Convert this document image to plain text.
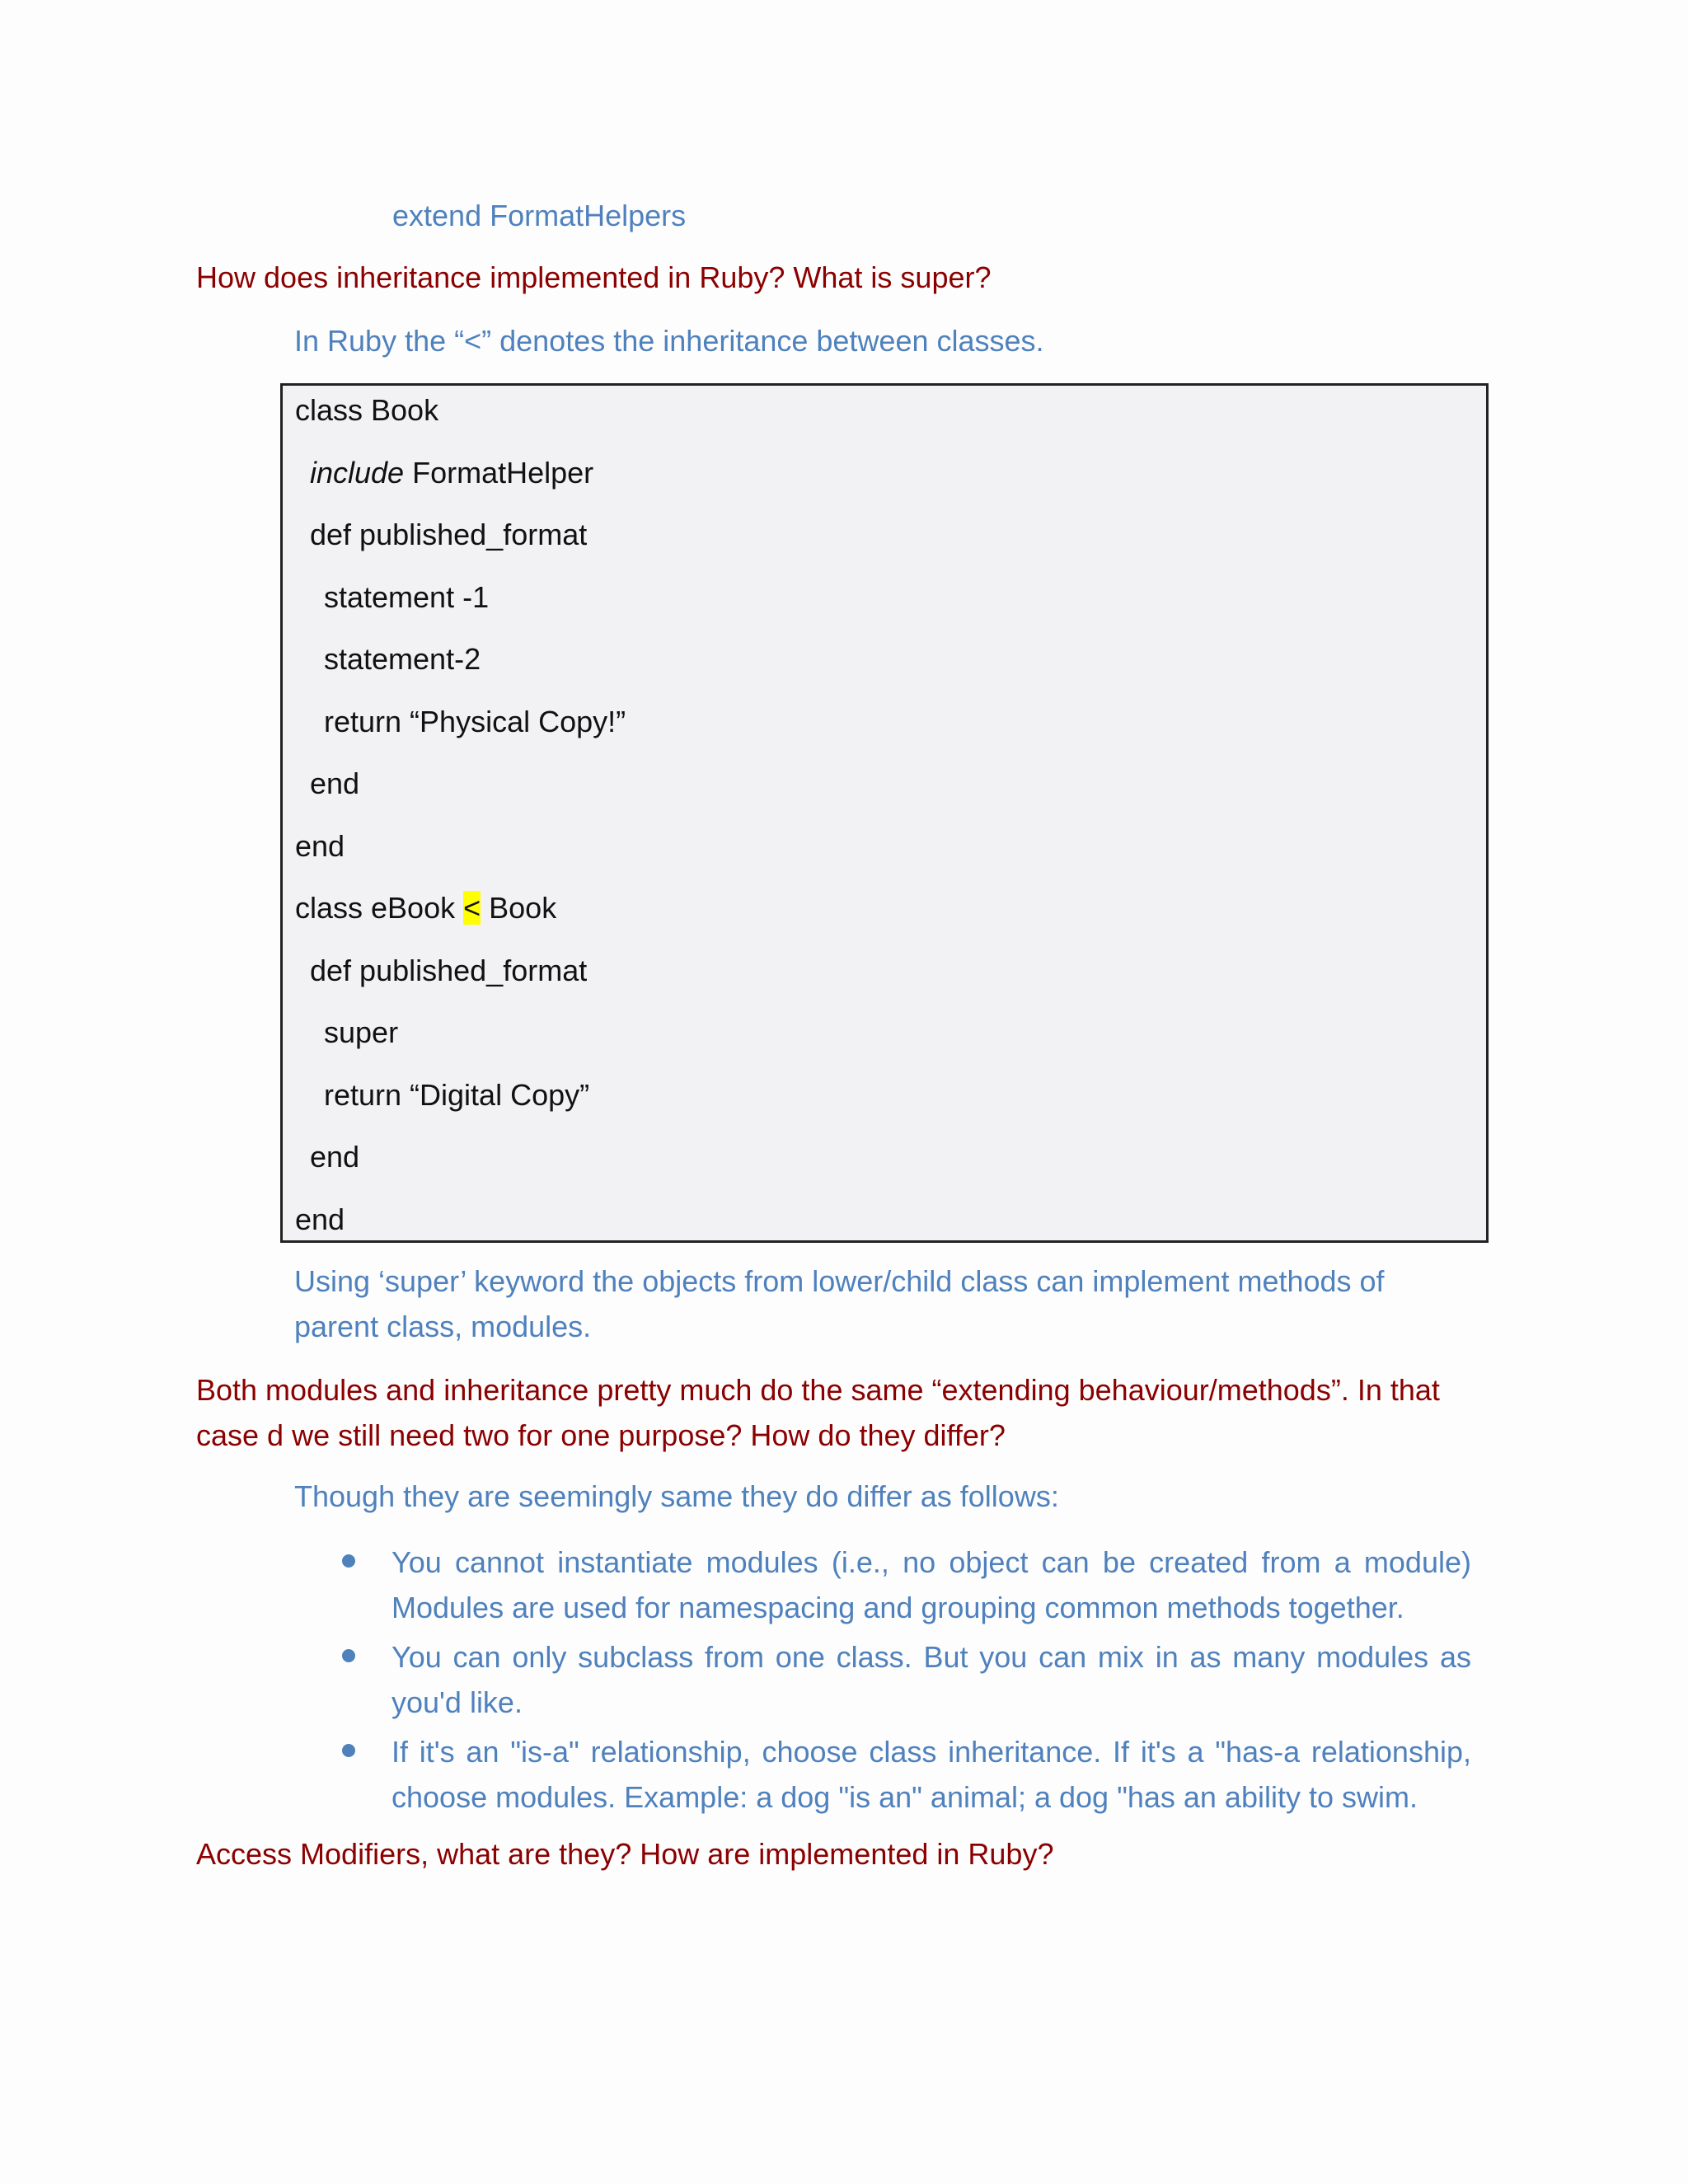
extend FormatHelpers
How does inheritance implemented in Ruby? What is super?
In Ruby the “<” denotes the inheritance between classes.
class Book
include FormatHelper
def published_format
statement -1
statement-2
return “Physical Copy!”
end
end
class eBook < Book
def published_format
super
return “Digital Copy”
end
end
Using ‘super’ keyword the objects from lower/child class can implement methods of parent class, modules.
Both modules and inheritance pretty much do the same “extending behaviour/methods”. In that case d we still need two for one purpose? How do they differ?
Though they are seemingly same they do differ as follows:
You cannot instantiate modules (i.e., no object can be created from a module) Modules are used for namespacing and grouping common methods together.
You can only subclass from one class. But you can mix in as many modules as you'd like.
If it's an "is-a" relationship, choose class inheritance. If it's a "has-a relationship, choose modules. Example: a dog "is an" animal; a dog "has an ability to swim.
Access Modifiers, what are they? How are implemented in Ruby?
